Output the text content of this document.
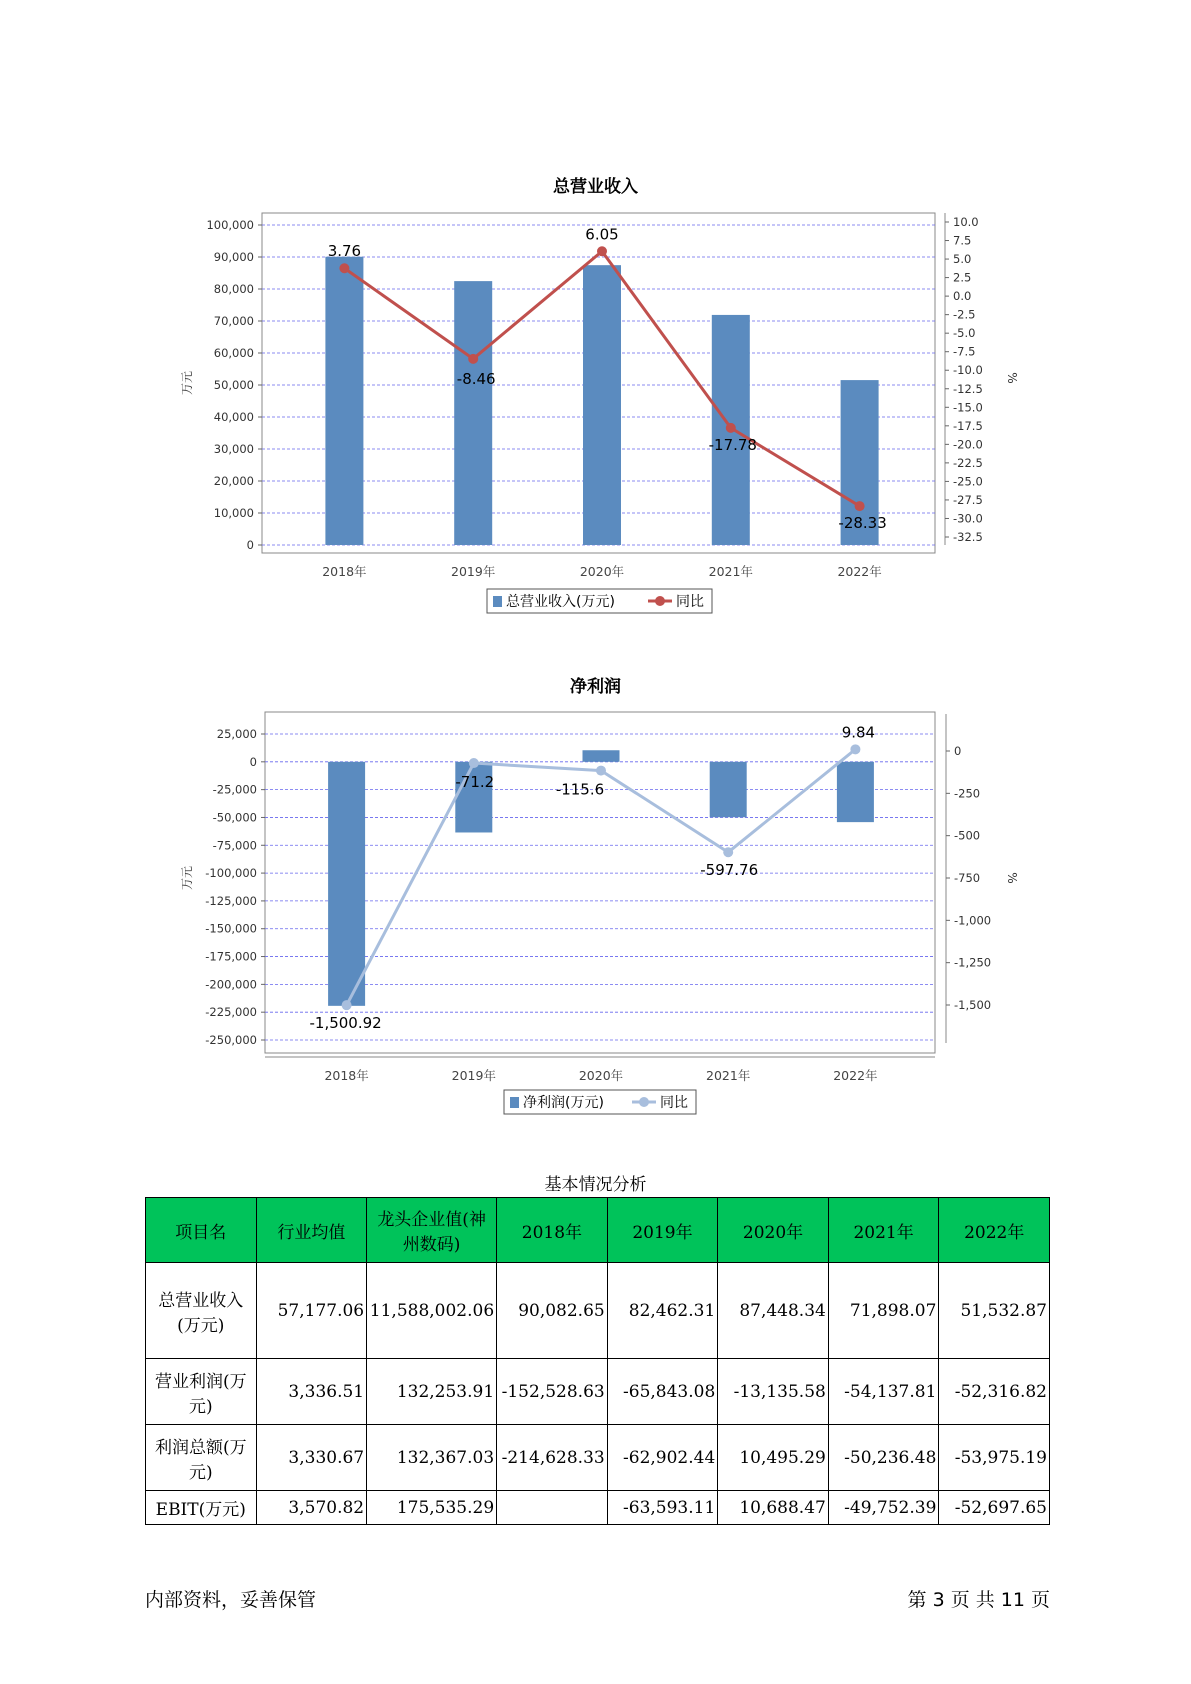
总营业收入
0
10,000
20,000
30,000
40,000
50,000
60,000
70,000
80,000
90,000
100,000	10.0
7.5
5.0
2.5
0.0
-2.5
-5.0
-7.5
-10.0
-12.5
-15.0
-17.5
-20.0
-22.5
-25.0
-27.5
-30.0
-32.5
万元	%
2018年	2019年	2020年	2021年	2022年
3.76
-8.46
6.05
-17.78
-28.33
总营业收入(万元)	同比
净利润
25,000
0
-25,000
-50,000
-75,000
-100,000
-125,000
-150,000
-175,000
-200,000
-225,000
-250,000
0
-250
-500
-750
-1,000
-1,250
-1,500
万元	%
2018年	2019年	2020年	2021年	2022年
-1,500.92
-71.2	-115.6
-597.76
9.84
净利润(万元)	同比
基本情况分析
项目名	行业均值	龙头企业值(神州数码)	2018年	2019年	2020年	2021年	2022年
总营业收入(万元)	57,177.06	11,588,002.06	90,082.65	82,462.31	87,448.34	71,898.07	51,532.87
营业利润(万元)	3,336.51	132,253.91	-152,528.63	-65,843.08	-13,135.58	-54,137.81	-52,316.82
利润总额(万元)	3,330.67	132,367.03	-214,628.33	-62,902.44	10,495.29	-50,236.48	-53,975.19
EBIT(万元)	3,570.82	175,535.29		-63,593.11	10,688.47	-49,752.39	-52,697.65
内部资料，妥善保管	第 3 页 共 11 页
